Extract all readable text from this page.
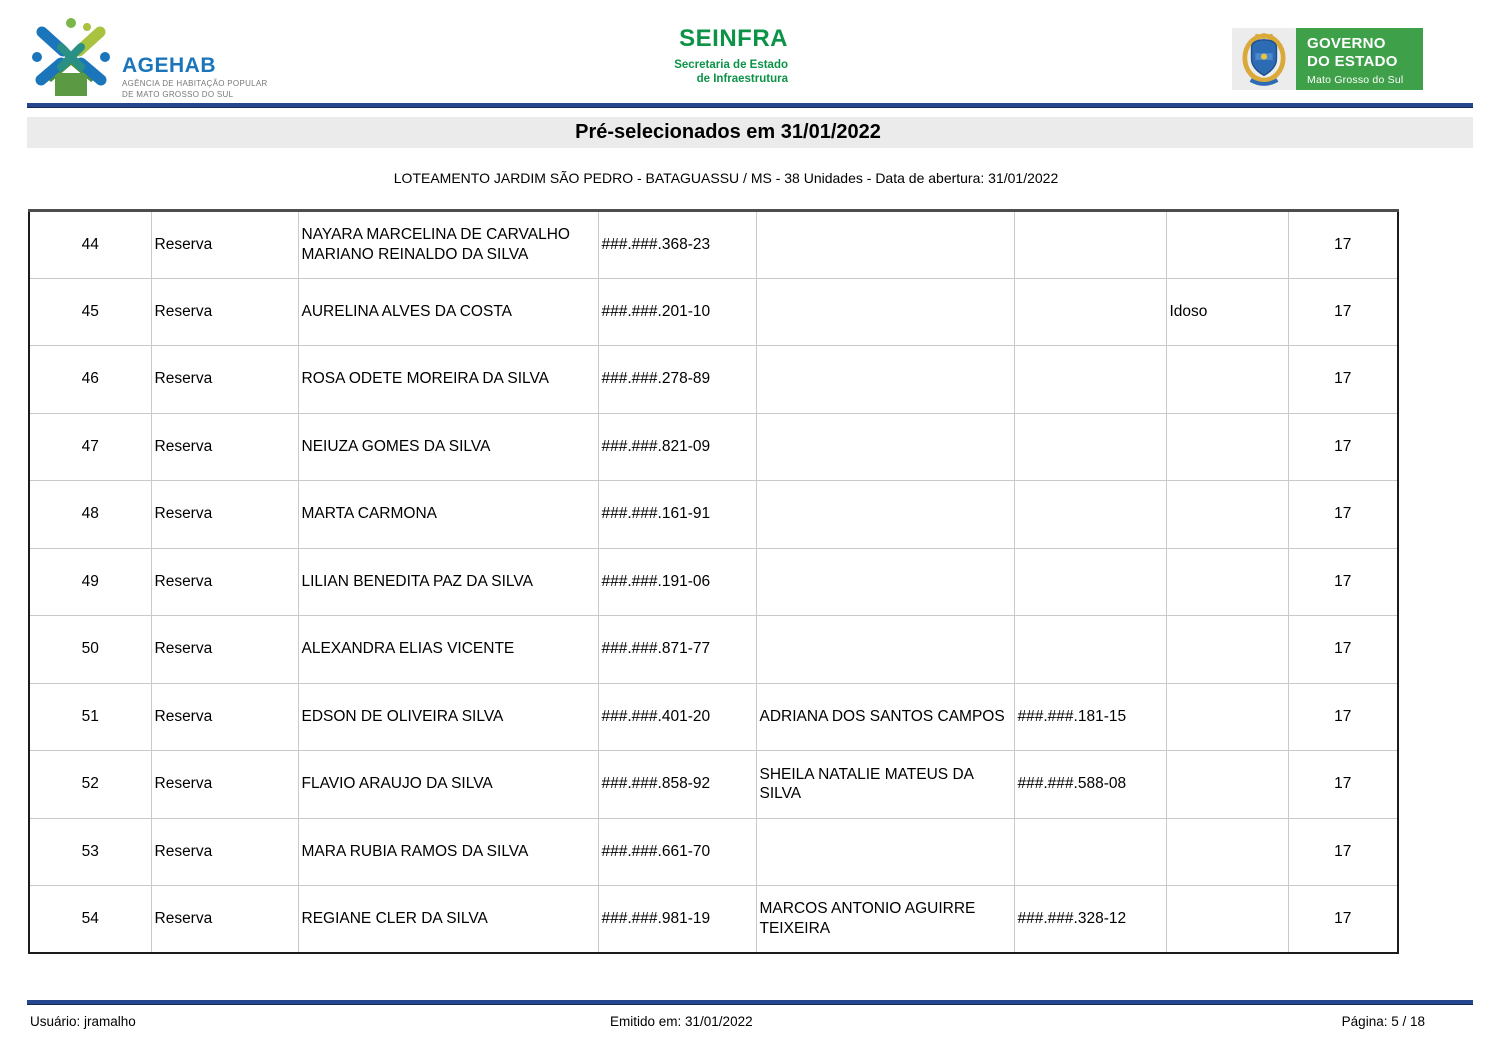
AGEHAB
AGÊNCIA DE HABITAÇÃO POPULAR
DE MATO GROSSO DO SUL
SEINFRA
Secretaria de Estado
de Infraestrutura
GOVERNO
DO ESTADO
Mato Grosso do Sul
Pré-selecionados em 31/01/2022
LOTEAMENTO JARDIM SÃO PEDRO - BATAGUASSU / MS - 38 Unidades - Data de abertura: 31/01/2022
44	Reserva	NAYARA MARCELINA DE CARVALHO MARIANO REINALDO DA SILVA	###.###.368-23				17
45	Reserva	AURELINA ALVES DA COSTA	###.###.201-10			Idoso	17
46	Reserva	ROSA ODETE MOREIRA DA SILVA	###.###.278-89				17
47	Reserva	NEIUZA GOMES DA SILVA	###.###.821-09				17
48	Reserva	MARTA CARMONA	###.###.161-91				17
49	Reserva	LILIAN BENEDITA PAZ DA SILVA	###.###.191-06				17
50	Reserva	ALEXANDRA ELIAS VICENTE	###.###.871-77				17
51	Reserva	EDSON DE OLIVEIRA SILVA	###.###.401-20	ADRIANA DOS SANTOS CAMPOS	###.###.181-15		17
52	Reserva	FLAVIO ARAUJO DA SILVA	###.###.858-92	SHEILA NATALIE MATEUS DA SILVA	###.###.588-08		17
53	Reserva	MARA RUBIA RAMOS DA SILVA	###.###.661-70				17
54	Reserva	REGIANE CLER DA SILVA	###.###.981-19	MARCOS ANTONIO AGUIRRE TEIXEIRA	###.###.328-12		17
Usuário: jramalho	Emitido em: 31/01/2022	Página: 5 / 18
